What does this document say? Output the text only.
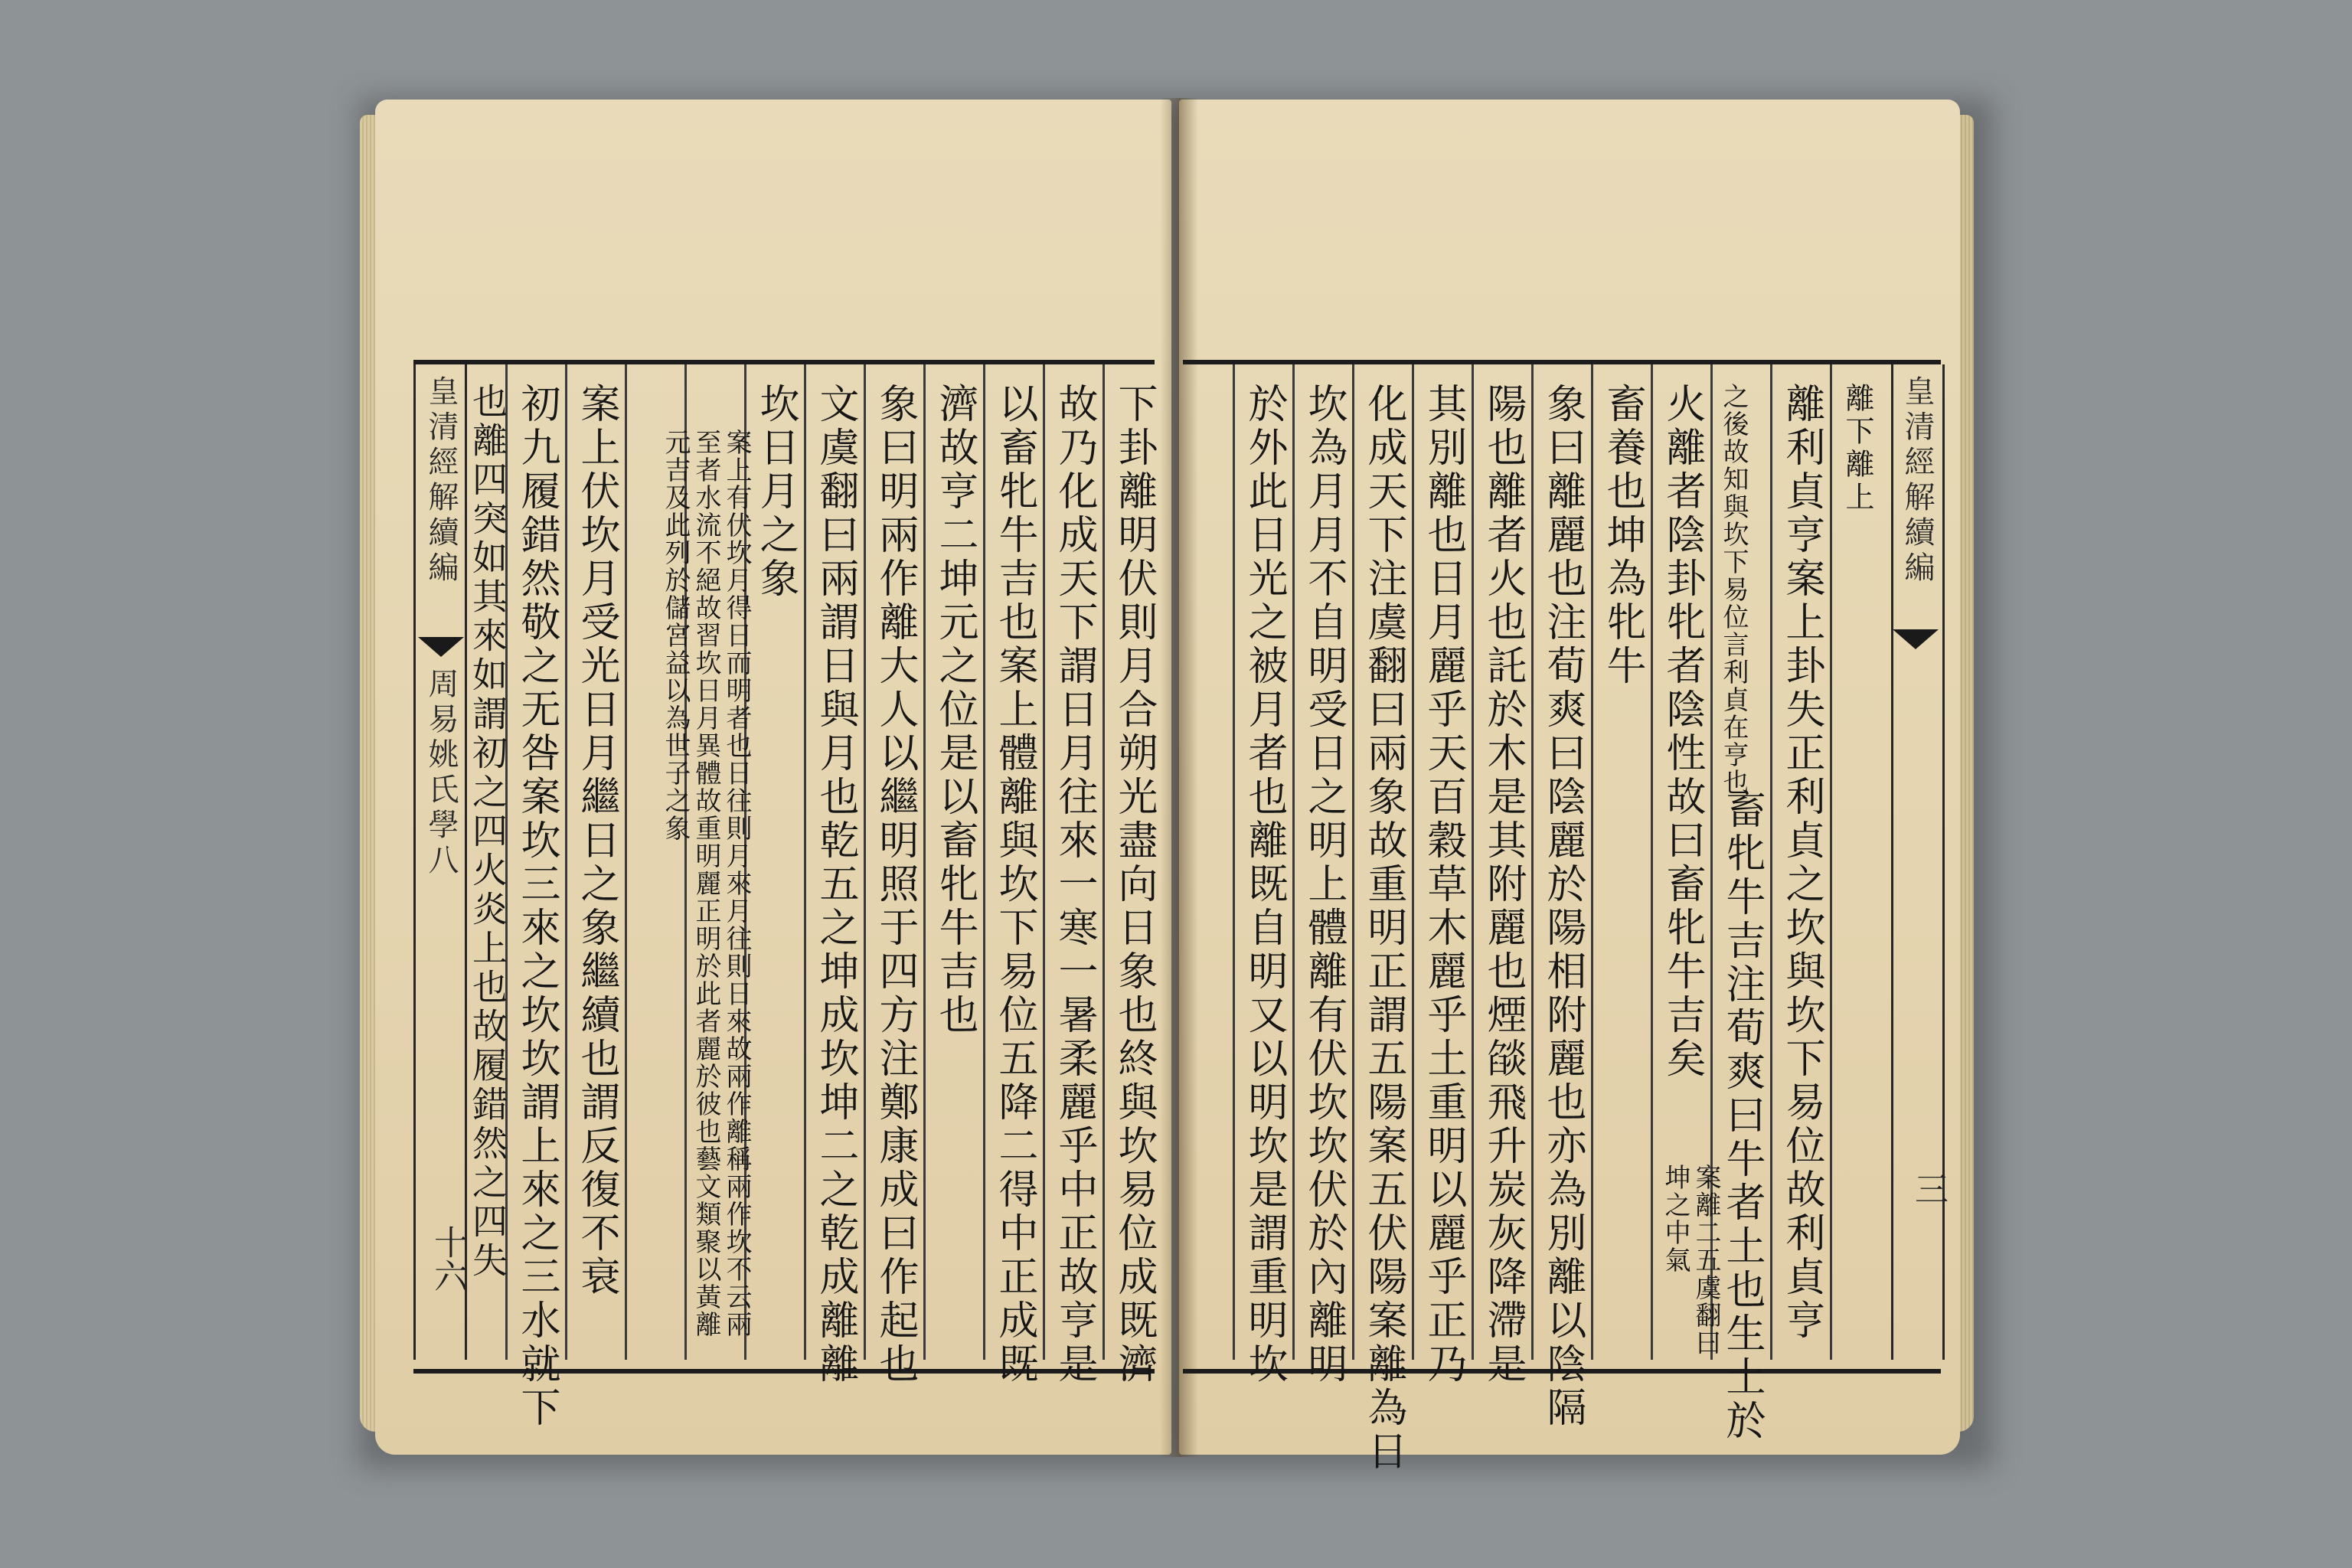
皇清經解續編
周易姚氏學八
十六
皇清經解續編
三
下卦離明伏則月合朔光盡向日象也終與坎易位成既濟
故乃化成天下謂日月往來一寒一暑柔麗乎中正故亨是
以畜牝牛吉也案上體離與坎下易位五降二得中正成既
濟故亨二坤元之位是以畜牝牛吉也
象曰明兩作離大人以繼明照于四方注鄭康成曰作起也
文虞翻曰兩謂日與月也乾五之坤成坎坤二之乾成離離
坎日月之象
案上有伏坎月得日而明者也日往則月來月往則日來故兩作離稱兩作坎不云兩至者水流不絕故習坎日月異體故重明麗正明於此者麗於彼也藝文類聚以黃離元吉及此列於儲宮益以為世子之象
案上伏坎月受光日月繼日之象繼續也謂反復不衰
初九履錯然敬之无咎案坎三來之坎坎謂上來之三水就下
也離四突如其來如謂初之四火炎上也故履錯然之四失	離下離上
離利貞亨案上卦失正利貞之坎與坎下易位故利貞亨
之後故知與坎下易位言利貞在亨也
畜牝牛吉注荀爽曰牛者土也生土於
火離者陰卦牝者陰性故曰畜牝牛吉矣
案離二五虞翻曰坤之中氣
畜養也坤為牝牛
象曰離麗也注荀爽曰陰麗於陽相附麗也亦為別離以陰隔
陽也離者火也託於木是其附麗也煙燄飛升炭灰降滯是
其別離也日月麗乎天百穀草木麗乎土重明以麗乎正乃
化成天下注虞翻曰兩象故重明正謂五陽案五伏陽案離為日
坎為月月不自明受日之明上體離有伏坎坎伏於內離明
於外此日光之被月者也離既自明又以明坎是謂重明坎
